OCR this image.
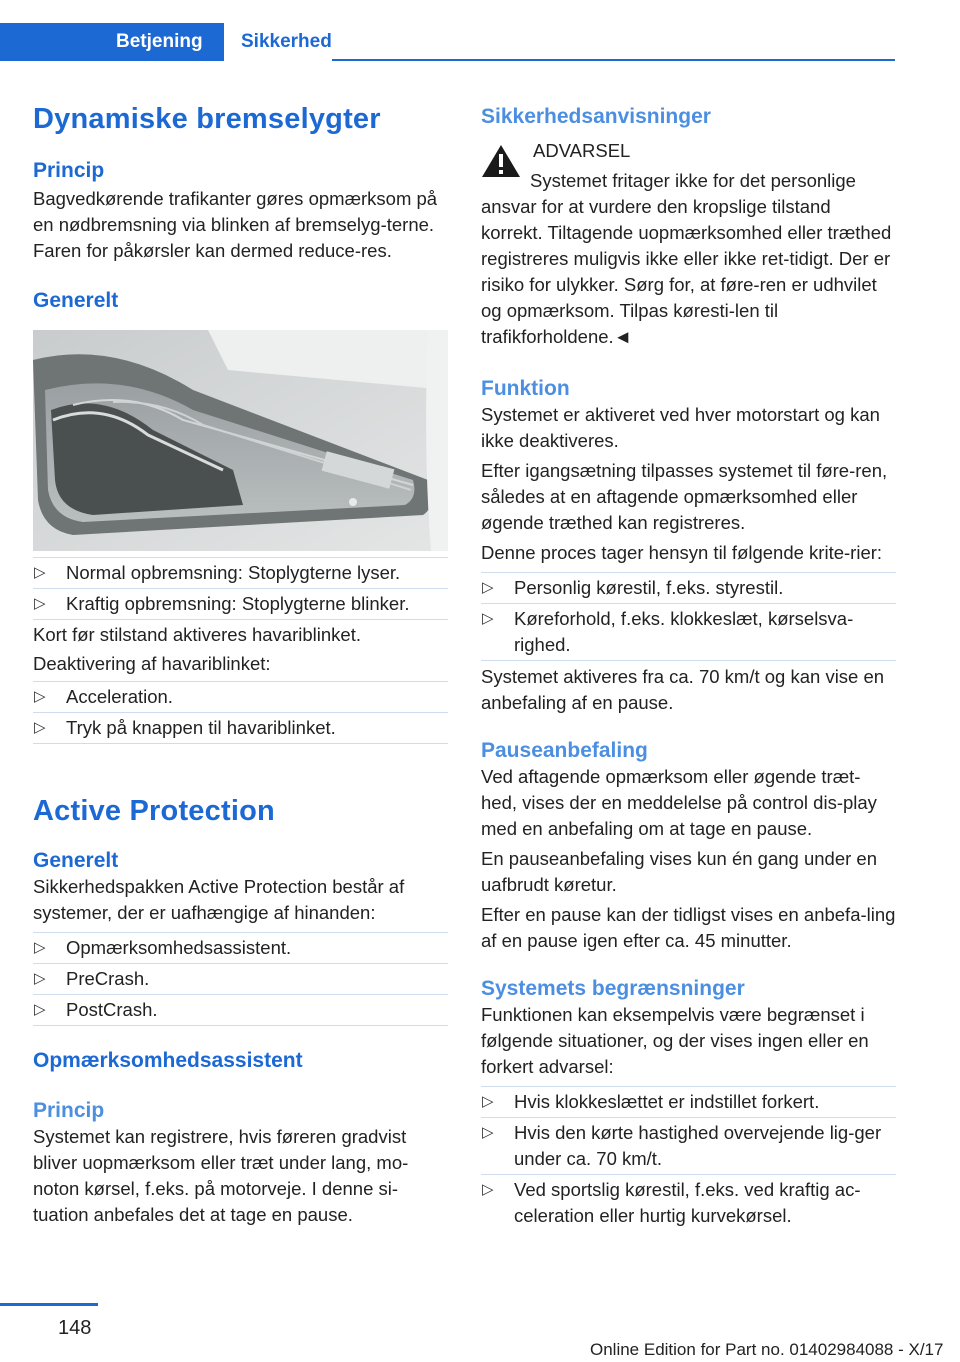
Betjening	Sikkerhed
Dynamiske bremselygter
Princip

Bagvedkørende trafikanter gøres opmærksom på en nødbremsning via blinken af bremselyg-terne. Faren for påkørsler kan dermed reduce-res.

Generelt
▷ Normal opbremsning: Stoplygterne lyser.
▷ Kraftig opbremsning: Stoplygterne blinker.

Kort før stilstand aktiveres havariblinket.

Deaktivering af havariblinket:

▷ Acceleration.
▷ Tryk på knappen til havariblinket.
Active Protection
Generelt

Sikkerhedspakken Active Protection består af systemer, der er uafhængige af hinanden:

▷ Opmærksomhedsassistent.
▷ PreCrash.
▷ PostCrash.
Opmærksomhedsassistent
Princip

Systemet kan registrere, hvis føreren gradvist bliver uopmærksom eller træt under lang, mo-noton kørsel, f.eks. på motorveje. I denne si-tuation anbefales det at tage en pause.

Sikkerhedsanvisninger
ADVARSEL

Systemet fritager ikke for det personlige ansvar for at vurdere den kropslige tilstand korrekt. Tiltagende uopmærksomhed eller træthed registreres muligvis ikke eller ikke ret-tidigt. Der er risiko for ulykker. Sørg for, at føre-ren er udhvilet og opmærksom. Tilpas køresti-len til trafikforholdene.◄

Funktion

Systemet er aktiveret ved hver motorstart og kan ikke deaktiveres.

Efter igangsætning tilpasses systemet til føre-ren, således at en aftagende opmærksomhed eller øgende træthed kan registreres.

Denne proces tager hensyn til følgende krite-rier:

▷ Personlig kørestil, f.eks. styrestil.
▷ Køreforhold, f.eks. klokkeslæt, kørselsva-righed.

Systemet aktiveres fra ca. 70 km/t og kan vise en anbefaling af en pause.

Pauseanbefaling

Ved aftagende opmærksom eller øgende træt-hed, vises der en meddelelse på control dis-play med en anbefaling om at tage en pause.

En pauseanbefaling vises kun én gang under en uafbrudt køretur.

Efter en pause kan der tidligst vises en anbefa-ling af en pause igen efter ca. 45 minutter.

Systemets begrænsninger

Funktionen kan eksempelvis være begrænset i følgende situationer, og der vises ingen eller en forkert advarsel:

▷ Hvis klokkeslættet er indstillet forkert.
▷ Hvis den kørte hastighed overvejende lig-ger under ca. 70 km/t.
▷ Ved sportslig kørestil, f.eks. ved kraftig ac-celeration eller hurtig kurvekørsel.
148
Online Edition for Part no. 01402984088 - X/17
